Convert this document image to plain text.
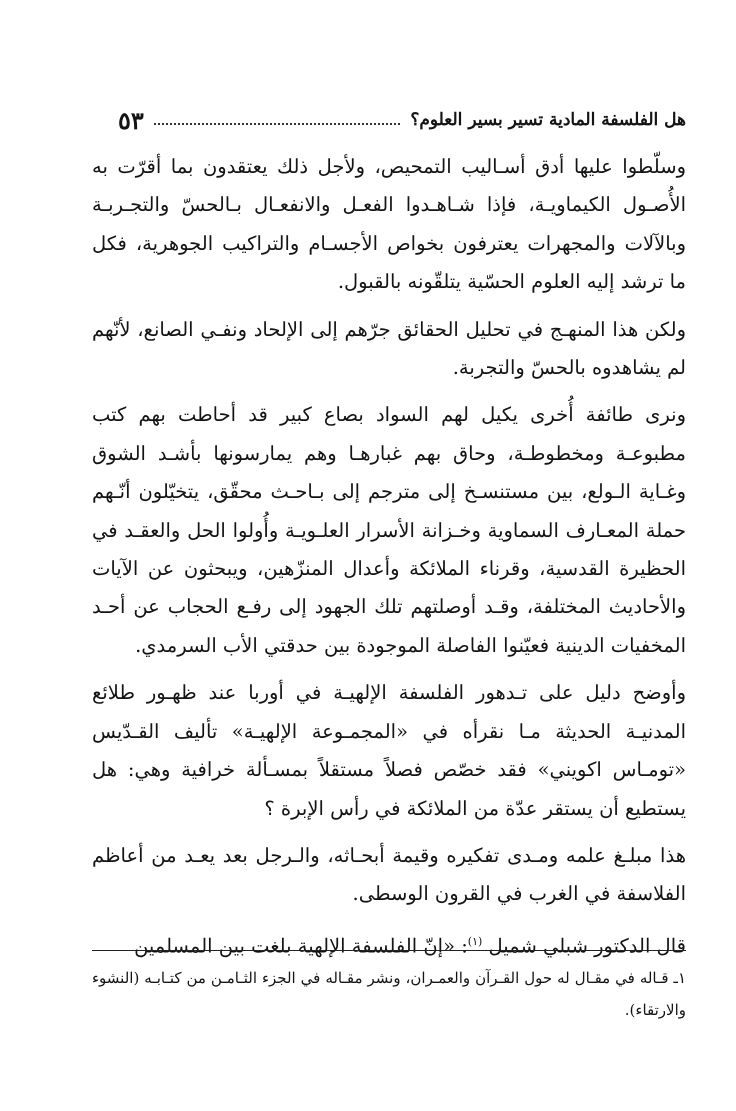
هل الفلسفة المادية تسير بسير العلوم؟
٥٣

وسلّطوا عليها أدق أسـاليب التمحيص، ولأجل ذلك يعتقدون بما أقرّت به الأُصـول الكيماويـة، فإذا شـاهـدوا الفعـل والانفعـال بـالحسّ والتجـربـة وبالآلات والمجهرات يعترفون بخواص الأجسـام والتراكيب الجوهرية، فكل ما ترشد إليه العلوم الحسّية يتلقّونه بالقبول.

ولكن هذا المنهـج في تحليل الحقائق جرّهم إلى الإلحاد ونفـي الصانع، لأنّهم لم يشاهدوه بالحسّ والتجربة.

ونرى طائفة أُخرى يكيل لهم السواد بصاع كبير قد أحاطت بهم كتب مطبوعـة ومخطوطـة، وحاق بهم غبارهـا وهم يمارسونها بأشـد الشوق وغـاية الـولع، بين مستنسـخ إلى مترجم إلى بـاحـث محقّق، يتخيّلون أنّـهم حملة المعـارف السماوية وخـزانة الأسرار العلـويـة وأُولوا الحل والعقـد في الحظيرة القدسية، وقرناء الملائكة وأعدال المنزّهين، ويبحثون عن الآيات والأحاديث المختلفة، وقـد أوصلتهم تلك الجهود إلى رفـع الحجاب عن أحـد المخفيات الدينية فعيّنوا الفاصلة الموجودة بين حدقتي الأب السرمدي.

وأوضح دليل على تـدهور الفلسفة الإلهيـة في أوربا عند ظهـور طلائع المدنيـة الحديثة مـا نقرأه في «المجمـوعة الإلهيـة» تأليف القـدّيس «تومـاس اكويني» فقد خصّص فصلاً مستقلاً بمسـألة خرافية وهي: هل يستطيع أن يستقر عدّة من الملائكة في رأس الإبرة ؟

هذا مبلـغ علمه ومـدى تفكيره وقيمة أبحـاثه، والـرجل بعد يعـد من أعاظم الفلاسفة في الغرب في القرون الوسطى.

قال الدكتور شبلي شميل $^{(١)}$: «إنّ الفلسفة الإلهية بلغت بين المسلمين

١ـ قـاله في مقـال له حول القـرآن والعمـران، ونشر مقـاله في الجزء الثـامـن من كتـابـه (النشوء والارتقاء).
